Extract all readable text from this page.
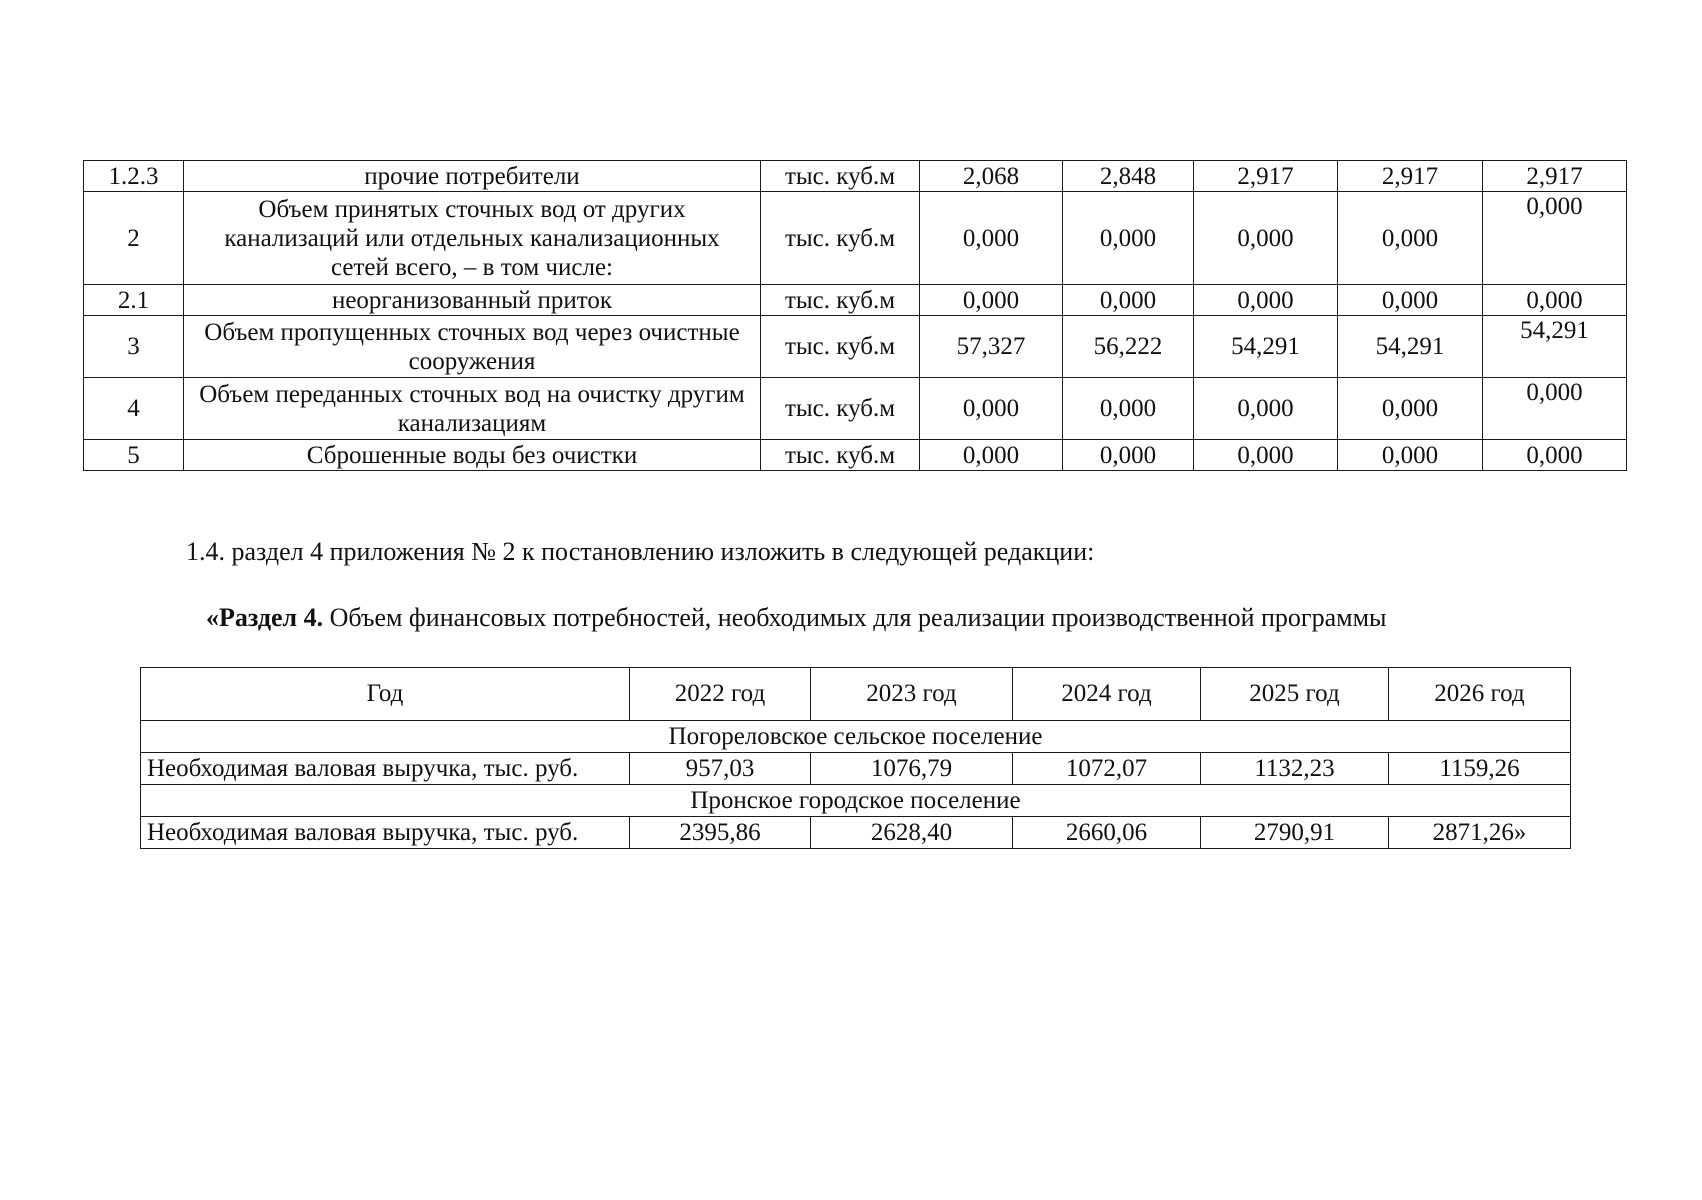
1.2.3	прочие потребители	тыс. куб.м	2,068	2,848	2,917	2,917	2,917
2	Объем принятых сточных вод от других канализаций или отдельных канализационных сетей всего, – в том числе:	тыс. куб.м	0,000	0,000	0,000	0,000	0,000
2.1	неорганизованный приток	тыс. куб.м	0,000	0,000	0,000	0,000	0,000
3	Объем пропущенных сточных вод через очистные сооружения	тыс. куб.м	57,327	56,222	54,291	54,291	54,291
4	Объем переданных сточных вод на очистку другим канализациям	тыс. куб.м	0,000	0,000	0,000	0,000	0,000
5	Сброшенные воды без очистки	тыс. куб.м	0,000	0,000	0,000	0,000	0,000
1.4. раздел 4 приложения № 2 к постановлению изложить в следующей редакции:
«Раздел 4. Объем финансовых потребностей, необходимых для реализации производственной программы
Год	2022 год	2023 год	2024 год	2025 год	2026 год
Погореловское сельское поселение					
Необходимая валовая выручка, тыс. руб.	957,03	1076,79	1072,07	1132,23	1159,26
Пронское городское поселение					
Необходимая валовая выручка, тыс. руб.	2395,86	2628,40	2660,06	2790,91	2871,26»
